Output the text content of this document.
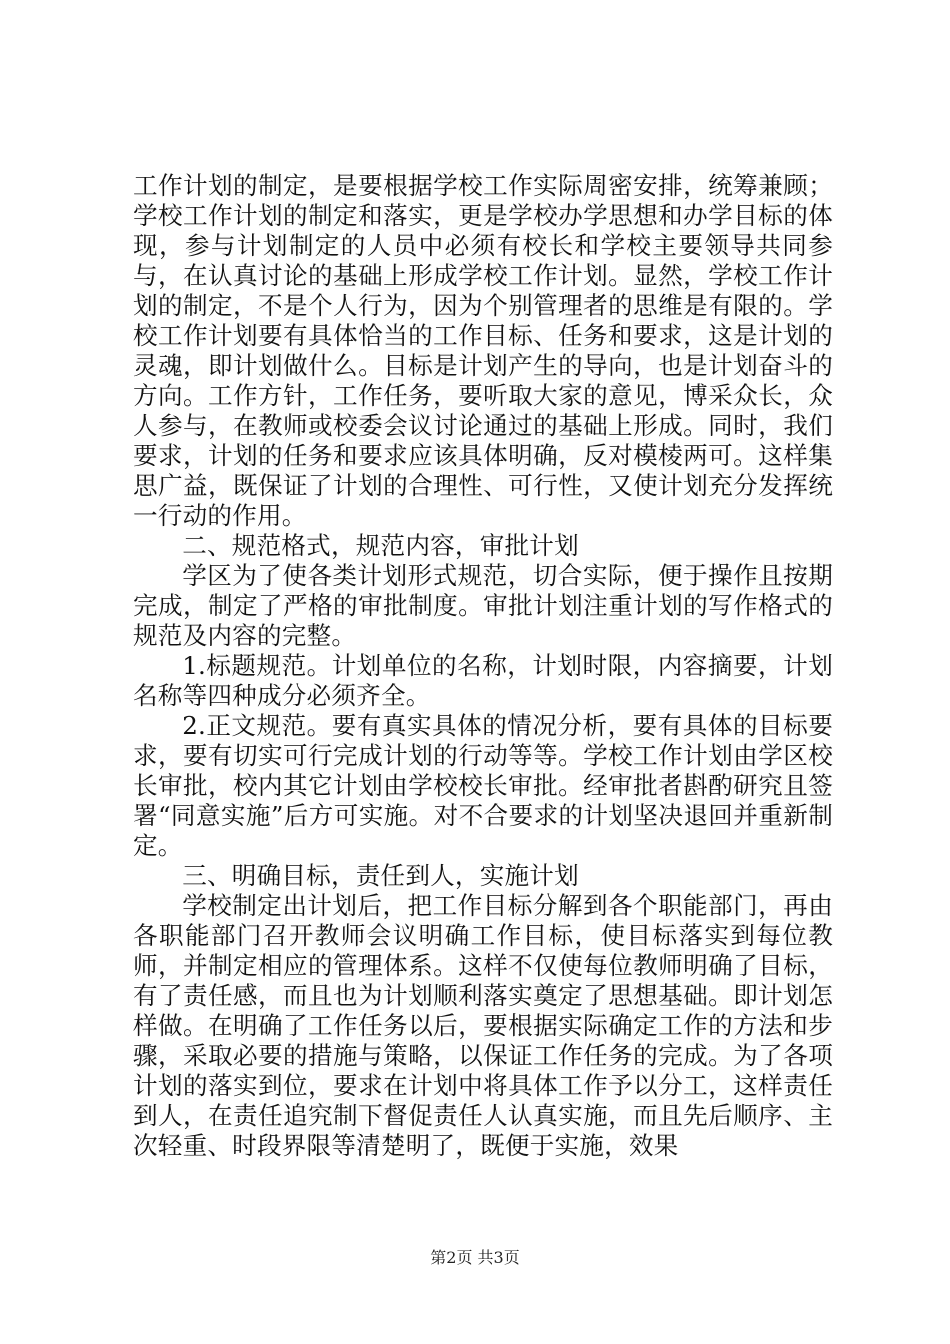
工作计划的制定，是要根据学校工作实际周密安排，统筹兼顾；学校工作计划的制定和落实，更是学校办学思想和办学目标的体现，参与计划制定的人员中必须有校长和学校主要领导共同参与，在认真讨论的基础上形成学校工作计划。显然，学校工作计划的制定，不是个人行为，因为个别管理者的思维是有限的。学校工作计划要有具体恰当的工作目标、任务和要求，这是计划的灵魂，即计划做什么。目标是计划产生的导向，也是计划奋斗的方向。工作方针，工作任务，要听取大家的意见，博采众长，众人参与，在教师或校委会议讨论通过的基础上形成。同时，我们要求，计划的任务和要求应该具体明确，反对模棱两可。这样集思广益，既保证了计划的合理性、可行性，又使计划充分发挥统一行动的作用。

二、规范格式，规范内容，审批计划

学区为了使各类计划形式规范，切合实际，便于操作且按期完成，制定了严格的审批制度。审批计划注重计划的写作格式的规范及内容的完整。

1.标题规范。计划单位的名称，计划时限，内容摘要，计划名称等四种成分必须齐全。

2.正文规范。要有真实具体的情况分析，要有具体的目标要求，要有切实可行完成计划的行动等等。学校工作计划由学区校长审批，校内其它计划由学校校长审批。经审批者斟酌研究且签署“同意实施”后方可实施。对不合要求的计划坚决退回并重新制定。

三、明确目标，责任到人，实施计划

学校制定出计划后，把工作目标分解到各个职能部门，再由各职能部门召开教师会议明确工作目标，使目标落实到每位教师，并制定相应的管理体系。这样不仅使每位教师明确了目标，有了责任感，而且也为计划顺利落实奠定了思想基础。即计划怎样做。在明确了工作任务以后，要根据实际确定工作的方法和步骤，采取必要的措施与策略，以保证工作任务的完成。为了各项计划的落实到位，要求在计划中将具体工作予以分工，这样责任到人，在责任追究制下督促责任人认真实施，而且先后顺序、主次轻重、时段界限等清楚明了，既便于实施，效果

第2页 共3页
